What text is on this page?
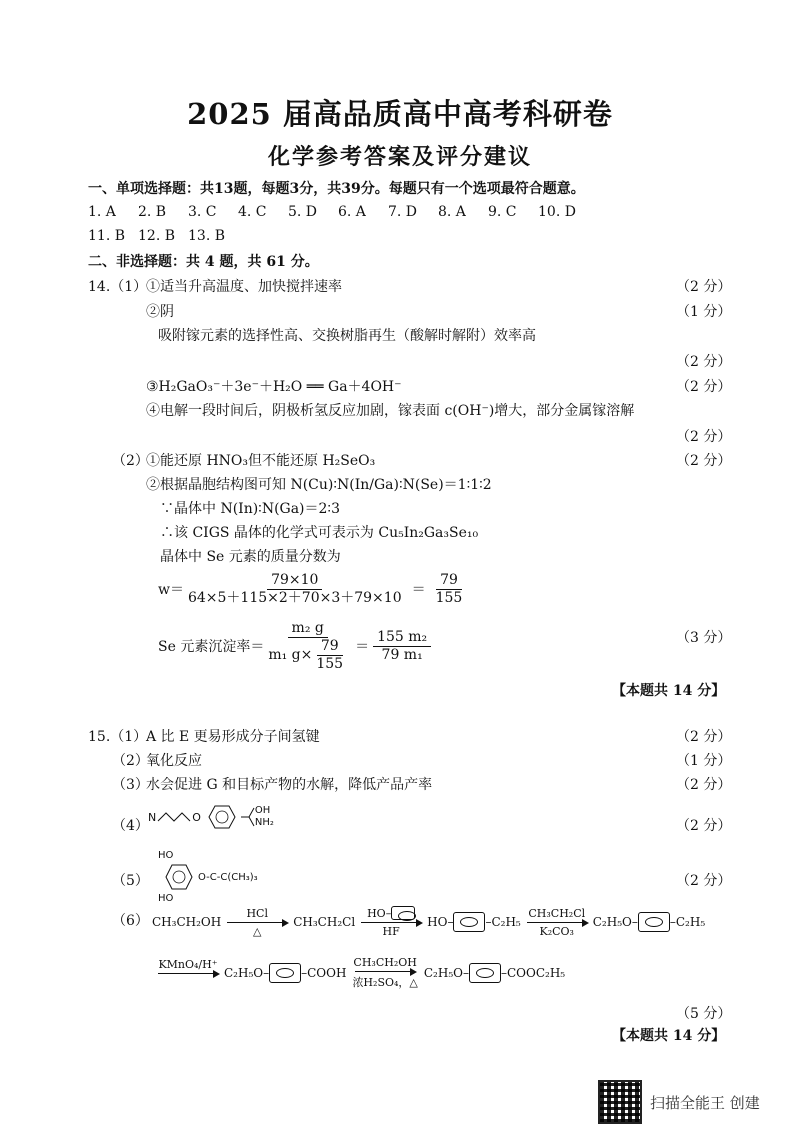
2025 届高品质高中高考科研卷
化学参考答案及评分建议
一、单项选择题：共13题，每题3分，共39分。每题只有一个选项最符合题意。
1. A	2. B	3. C	4. C	5. D	6. A	7. D	8. A	9. C	10. D
11. B 12. B 13. B
二、非选择题：共 4 题，共 61 分。
14.（1）
①适当升高温度、加快搅拌速率	（2 分）
②阴	（1 分）
吸附镓元素的选择性高、交换树脂再生（酸解时解附）效率高
（2 分）
③H₂GaO₃⁻＋3e⁻＋H₂O ══ Ga＋4OH⁻	（2 分）
④电解一段时间后，阴极析氢反应加剧，镓表面 c(OH⁻)增大，部分金属镓溶解
（2 分）
（2）
①能还原 HNO₃但不能还原 H₂SeO₃	（2 分）
②根据晶胞结构图可知 N(Cu)∶N(In/Ga)∶N(Se)＝1∶1∶2
∵晶体中 N(In)∶N(Ga)＝2∶3
∴该 CIGS 晶体的化学式可表示为 Cu₅In₂Ga₃Se₁₀
晶体中 Se 元素的质量分数为
$w= \frac{79\times 10}{64\times 5+115\times 2+70\times 3+79\times 10} = \frac{79}{155}$
Se 元素沉淀率＝ $\frac{\text{m₂ g}}{m_1 g\times \frac{79}{155}} = \frac{\text{155 m₂}}{\text{79 m₁}}$	（3 分）
【本题共 14 分】
15.（1）
A 比 E 更易形成分子间氢键	（2 分）
（2）
氧化反应	（1 分）
（3）
水会促进 G 和目标产物的水解，降低产品产率	（2 分）
（4）
N	O	OH
NH₂	（2 分）
（5）
HO
O-C-C(CH₃)₃
HO
（2 分）
（6） CH₃CH₂OH
HCl
△
CH₃CH₂Cl
HO–
HF
HO–	–C₂H₅
CH₃CH₂Cl
K₂CO₃
C₂H₅O–	–C₂H₅
KMnO₄/H⁺

C₂H₅O–	–COOH
CH₃CH₂OH
浓H₂SO₄，△
C₂H₅O–	–COOC₂H₅
（5 分）
【本题共 14 分】
扫描全能王 创建
